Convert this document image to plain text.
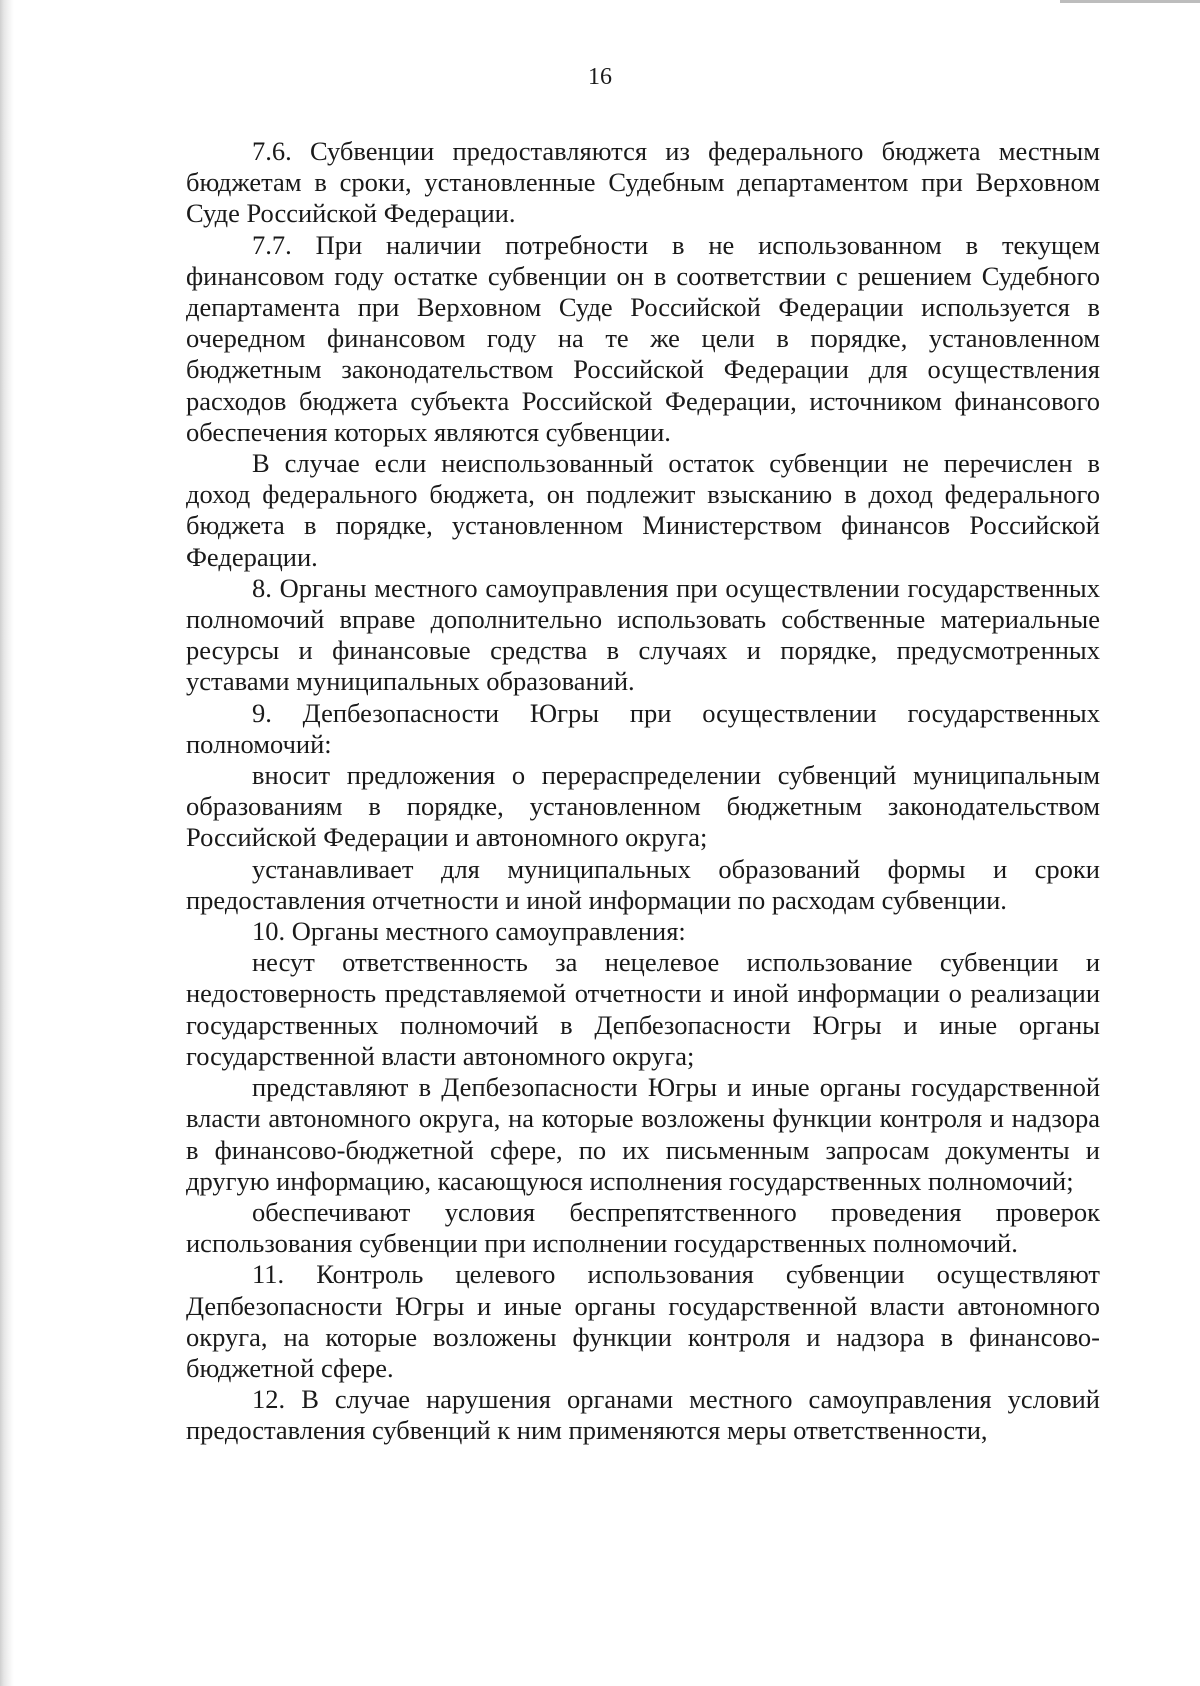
16

7.6. Субвенции предоставляются из федерального бюджета местным бюджетам в сроки, установленные Судебным департаментом при Верховном Суде Российской Федерации.

7.7. При наличии потребности в не использованном в текущем финансовом году остатке субвенции он в соответствии с решением Судебного департамента при Верховном Суде Российской Федерации используется в очередном финансовом году на те же цели в порядке, установленном бюджетным законодательством Российской Федерации для осуществления расходов бюджета субъекта Российской Федерации, источником финансового обеспечения которых являются субвенции.

В случае если неиспользованный остаток субвенции не перечислен в доход федерального бюджета, он подлежит взысканию в доход федерального бюджета в порядке, установленном Министерством финансов Российской Федерации.

8. Органы местного самоуправления при осуществлении государственных полномочий вправе дополнительно использовать собственные материальные ресурсы и финансовые средства в случаях и порядке, предусмотренных уставами муниципальных образований.

9. Депбезопасности Югры при осуществлении государственных полномочий:

вносит предложения о перераспределении субвенций муниципальным образованиям в порядке, установленном бюджетным законодательством Российской Федерации и автономного округа;

устанавливает для муниципальных образований формы и сроки предоставления отчетности и иной информации по расходам субвенции.

10. Органы местного самоуправления:

несут ответственность за нецелевое использование субвенции и недостоверность представляемой отчетности и иной информации о реализации государственных полномочий в Депбезопасности Югры и иные органы государственной власти автономного округа;

представляют в Депбезопасности Югры и иные органы государственной власти автономного округа, на которые возложены функции контроля и надзора в финансово-бюджетной сфере, по их письменным запросам документы и другую информацию, касающуюся исполнения государственных полномочий;

обеспечивают условия беспрепятственного проведения проверок использования субвенции при исполнении государственных полномочий.

11. Контроль целевого использования субвенции осуществляют Депбезопасности Югры и иные органы государственной власти автономного округа, на которые возложены функции контроля и надзора в финансово-бюджетной сфере.

12. В случае нарушения органами местного самоуправления условий предоставления субвенций к ним применяются меры ответственности,
